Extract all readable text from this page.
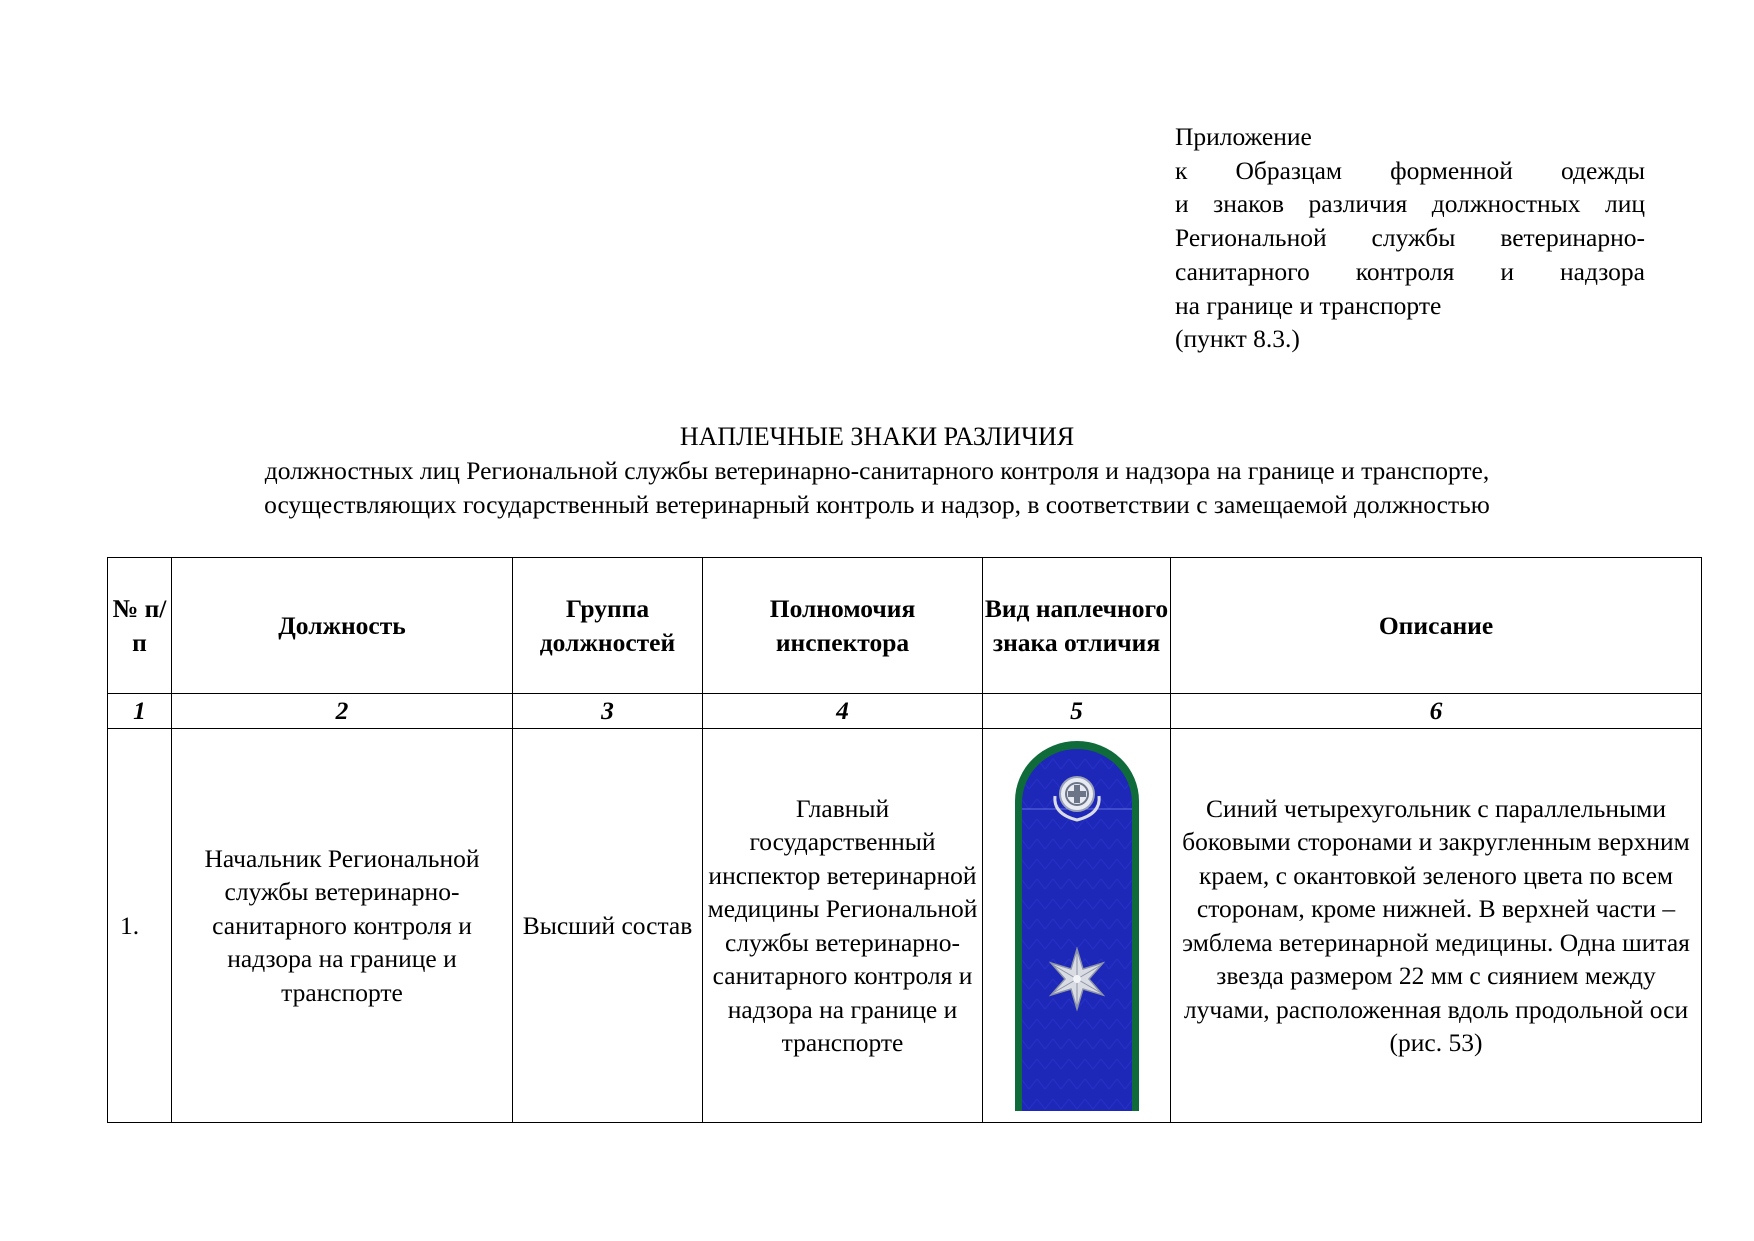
Приложение
к Образцам форменной одежды
и знаков различия должностных лиц
Региональной службы ветеринарно-
санитарного контроля и надзора
на границе и транспорте
(пункт 8.3.)
НАПЛЕЧНЫЕ ЗНАКИ РАЗЛИЧИЯ
должностных лиц Региональной службы ветеринарно-санитарного контроля и надзора на границе и транспорте,
осуществляющих государственный ветеринарный контроль и надзор, в соответствии с замещаемой должностью
№ п/п	Должность	Группа должностей	Полномочия инспектора	Вид наплечного знака отличия	Описание
1	2	3	4	5	6
1.	Начальник Региональной службы ветеринарно-санитарного контроля и надзора на границе и транспорте	Высший состав	Главный государственный инспектор ветеринарной медицины Региональной службы ветеринарно-санитарного контроля и надзора на границе и транспорте		Синий четырехугольник с параллельными боковыми сторонами и закругленным верхним краем, с окантовкой зеленого цвета по всем сторонам, кроме нижней. В верхней части – эмблема ветеринарной медицины. Одна шитая звезда размером 22 мм с сиянием между лучами, расположенная вдоль продольной оси (рис. 53)
